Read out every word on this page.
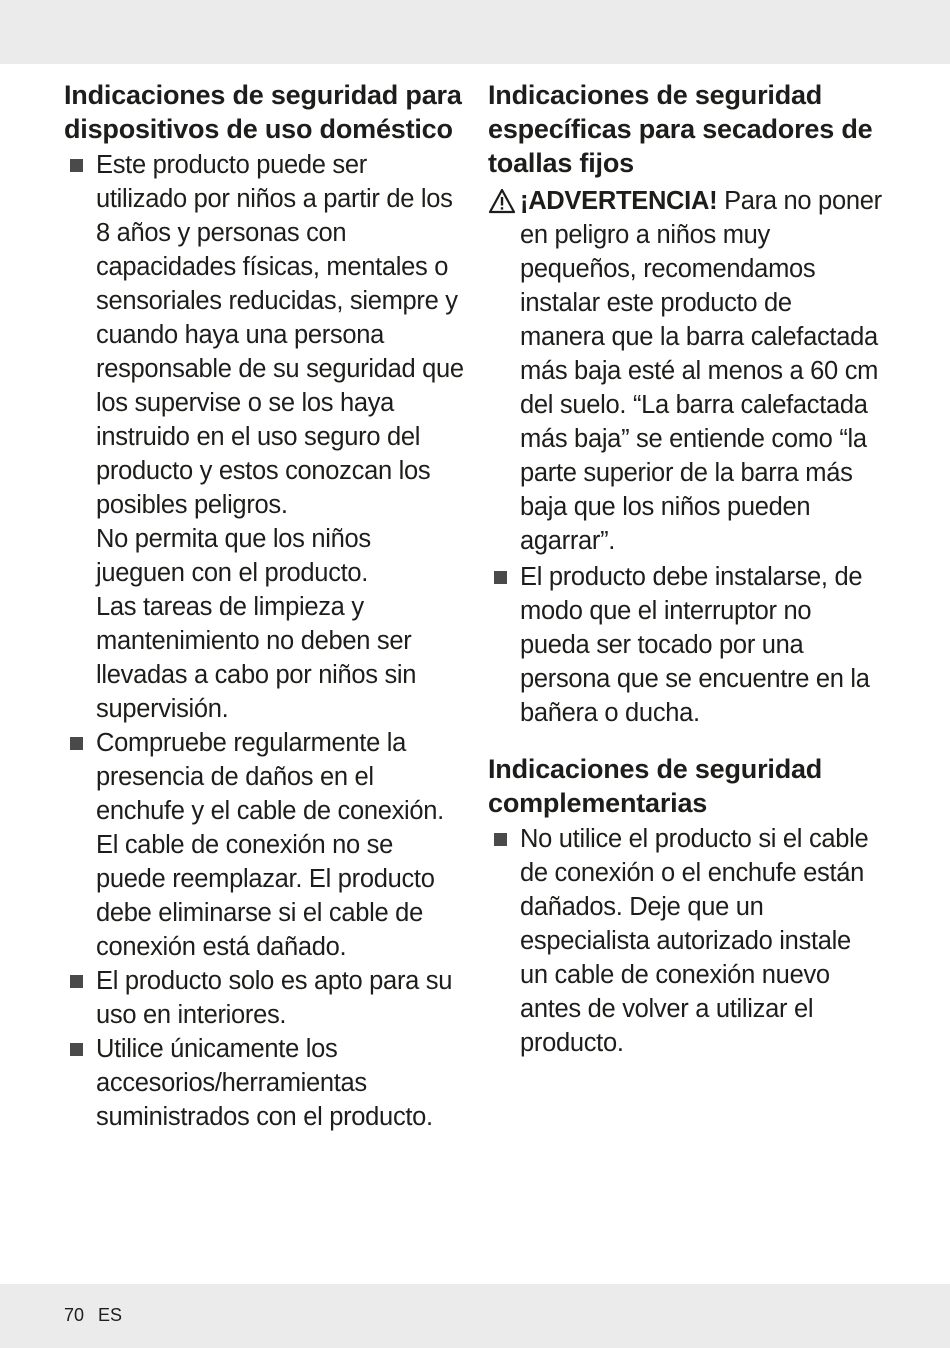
Indicaciones de seguridad para dispositivos de uso doméstico
Este producto puede ser utilizado por niños a partir de los 8 años y personas con capacidades físicas, mentales o sensoriales reducidas, siempre y cuando haya una persona responsable de su seguridad que los supervise o se los haya instruido en el uso seguro del producto y estos conozcan los posibles peligros.
No permita que los niños jueguen con el producto.
Las tareas de limpieza y mantenimiento no deben ser llevadas a cabo por niños sin supervisión.
Compruebe regularmente la presencia de daños en el enchufe y el cable de conexión. El cable de conexión no se puede reemplazar. El producto debe eliminarse si el cable de conexión está dañado.
El producto solo es apto para su uso en interiores.
Utilice únicamente los accesorios/herramientas suministrados con el producto.
Indicaciones de seguridad específicas para secadores de toallas fijos
¡ADVERTENCIA! Para no poner en peligro a niños muy pequeños, recomendamos instalar este producto de manera que la barra calefactada más baja esté al menos a 60 cm del suelo. “La barra calefactada más baja” se entiende como “la parte superior de la barra más baja que los niños pueden agarrar”.
El producto debe instalarse, de modo que el interruptor no pueda ser tocado por una persona que se encuentre en la bañera o ducha.
Indicaciones de seguridad complementarias
No utilice el producto si el cable de conexión o el enchufe están dañados. Deje que un especialista autorizado instale un cable de conexión nuevo antes de volver a utilizar el producto.
70 ES
